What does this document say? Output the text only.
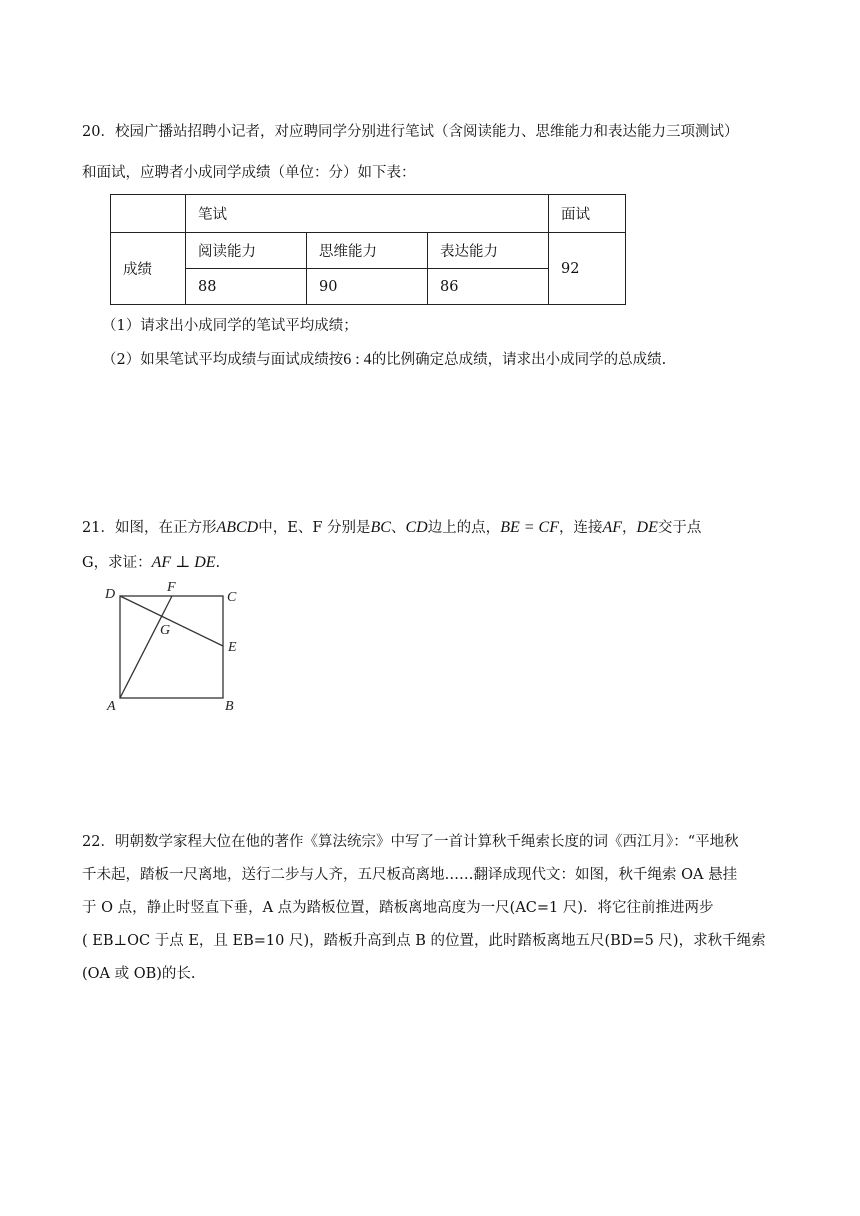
20．校园广播站招聘小记者，对应聘同学分别进行笔试（含阅读能力、思维能力和表达能力三项测试）
和面试，应聘者小成同学成绩（单位：分）如下表：
	笔试			面试
成绩	阅读能力	思维能力	表达能力	92
	88	90	86	
（1）请求出小成同学的笔试平均成绩；
（2）如果笔试平均成绩与面试成绩按6 : 4的比例确定总成绩，请求出小成同学的总成绩.
21．如图，在正方形ABCD中，E、F 分别是BC、CD边上的点，BE = CF，连接AF，DE交于点
G，求证：AF ⊥ DE.
D	F
C
G
E
A	B
22．明朝数学家程大位在他的著作《算法统宗》中写了一首计算秋千绳索长度的词《西江月》：“平地秋
千未起，踏板一尺离地，送行二步与人齐，五尺板高离地……翻译成现代文：如图，秋千绳索 OA 悬挂
于 O 点，静止时竖直下垂，A 点为踏板位置，踏板离地高度为一尺(AC=1 尺)．将它往前推进两步
( EB⊥OC 于点 E，且 EB=10 尺)，踏板升高到点 B 的位置，此时踏板离地五尺(BD=5 尺)，求秋千绳索
(OA 或 OB)的长.
